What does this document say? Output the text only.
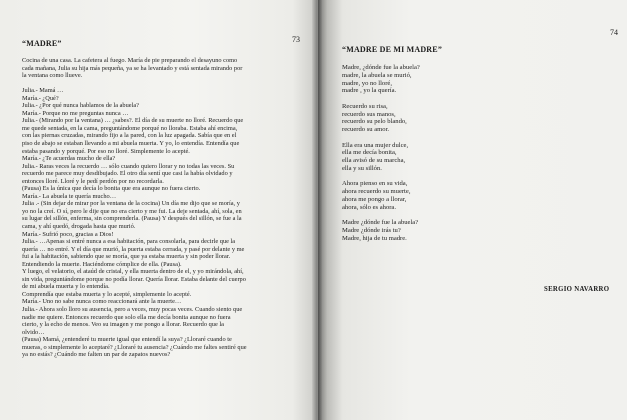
73
“MADRE”
Cocina de una casa. La cafetera al fuego. María de pie preparando el desayuno como
cada mañana, Julia su hija más pequeña, ya se ha levantado y está sentada mirando por
la ventana como llueve.
Julia.- Mamá …
María.- ¿Qué?
Julia.- ¿Por qué nunca hablamos de la abuela?
María.- Porque no me preguntas nunca …
Julia.- (Mirando por la ventana) … ¿sabes?. El día de su muerte no lloré. Recuerdo que
me quede sentada, en la cama, preguntándome porqué no lloraba. Estaba ahí encima,
con las piernas cruzadas, mirando fijo a la pared, con la luz apagada. Sabía que en el
piso de abajo se estaban llevando a mi abuela muerta. Y yo, lo entendía. Entendía que
estaba pasando y porqué. Por eso no lloré. Simplemente lo acepté.
María.- ¿Te acuerdas mucho de ella?
Julia.- Raras veces la recuerdo … sólo cuando quiero llorar y no todas las veces. Su
recuerdo me parece muy desdibujado. El otro día sentí que casi la había olvidado y
entonces lloré. Lloré y le pedí perdón por no recordarla.
(Pausa) Es la única que decía lo bonita que era aunque no fuera cierto.
María.- La abuela te quería mucho…
Julia .- (Sin dejar de mirar por la ventana de la cocina) Un día me dijo que se moría, y
yo no la creí. O sí, pero le dije que no era cierto y me fui. La deje sentada, ahí, sola, en
su lugar del sillón, enferma, sin comprenderla. (Pausa) Y después del sillón, se fue a la
cama, y ahí quedó, drogada hasta que murió.
María.- Sufrió poco, gracias a Dios!
Julia.- …Apenas si entré nunca a esa habitación, para consolarla, para decirle que la
quería … no entré. Y el día que murió, la puerta estaba cerrada, y pasé por delante y me
fui a la habitación, sabiendo que se moría, que ya estaba muerta y sin poder llorar.
Entendiendo la muerte. Haciéndome cómplice de ella. (Pausa).
Y luego, el velatorio, el ataúd de cristal, y ella muerta dentro de el, y yo mirándola, ahí,
sin vida, preguntándome porque no podía llorar. Quería llorar. Estaba delante del cuerpo
de mi abuela muerta y lo entendía.
Comprendía que estaba muerta y lo acepté, simplemente lo acepté.
María.- Uno no sabe nunca como reaccionará ante la muerte…
Julia.- Ahora solo lloro su ausencia, pero a veces, muy pocas veces. Cuando siento que
nadie me quiere. Entonces recuerdo que solo ella me decía bonita aunque no fuera
cierto, y la echo de menos. Veo su imagen y me pongo a llorar. Recuerdo que la
olvido…
(Pausa) Mamá, ¿entenderé tu muerte igual que entendí la suya? ¿Lloraré cuando te
mueras, o simplemente lo aceptaré? ¿Lloraré tu ausencia? ¿Cuándo me faltes sentiré que
ya no estás? ¿Cuándo me falten un par de zapatos nuevos?
74
“MADRE DE MI MADRE”
Madre, ¿dónde fue la abuela?
madre, la abuela se murió,
madre, yo no lloré,
madre , yo la quería.
Recuerdo su risa,
recuerdo sus manos,
recuerdo su pelo blando,
recuerdo su amor.
Ella era una mujer dulce,
ella me decía bonita,
ella avisó de su marcha,
ella y su sillón.
Ahora pienso en su vida,
ahora recuerdo su muerte,
ahora me pongo a llorar,
ahora, sólo es ahora.
Madre ¿dónde fue la abuela?
Madre ¿dónde irás tu?
Madre, hija de tu madre.
SERGIO NAVARRO
